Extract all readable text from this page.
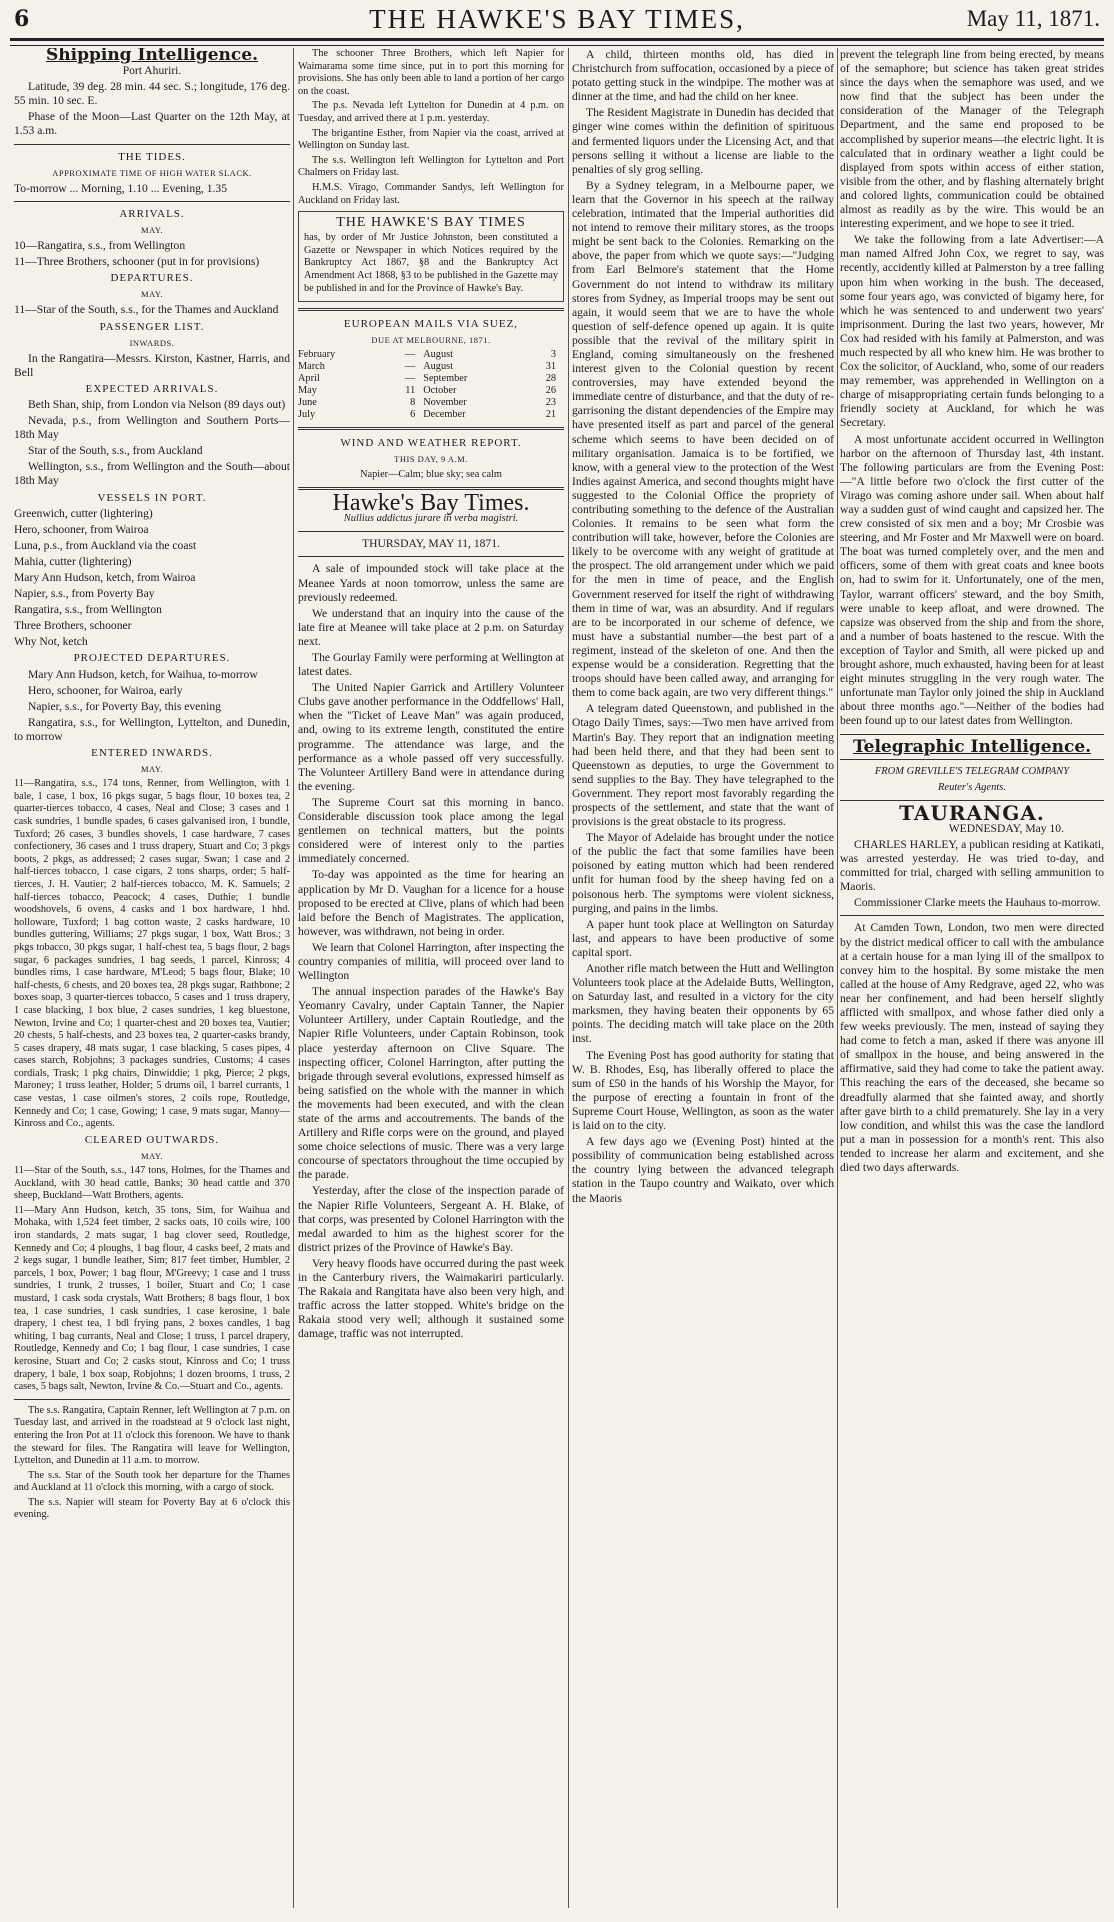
6	THE HAWKE'S BAY TIMES,	May 11, 1871.

Shipping Intelligence.

Port Ahuriri.

Latitude, 39 deg. 28 min. 44 sec. S.; longitude, 176 deg. 55 min. 10 sec. E.

Phase of the Moon—Last Quarter on the 12th May, at 1.53 a.m.

THE TIDES.

APPROXIMATE TIME OF HIGH WATER SLACK.

To-morrow ... Morning, 1.10 ... Evening, 1.35

ARRIVALS.

MAY.

10—Rangatira, s.s., from Wellington

11—Three Brothers, schooner (put in for provisions)

DEPARTURES.

MAY.

11—Star of the South, s.s., for the Thames and Auckland

PASSENGER LIST.

INWARDS.

In the Rangatira—Messrs. Kirston, Kastner, Harris, and Bell

EXPECTED ARRIVALS.

Beth Shan, ship, from London via Nelson (89 days out)

Nevada, p.s., from Wellington and Southern Ports—18th May

Star of the South, s.s., from Auckland

Wellington, s.s., from Wellington and the South—about 18th May

VESSELS IN PORT.

Greenwich, cutter (lightering)

Hero, schooner, from Wairoa

Luna, p.s., from Auckland via the coast

Mahia, cutter (lightering)

Mary Ann Hudson, ketch, from Wairoa

Napier, s.s., from Poverty Bay

Rangatira, s.s., from Wellington

Three Brothers, schooner

Why Not, ketch

PROJECTED DEPARTURES.

Mary Ann Hudson, ketch, for Waihua, to-morrow

Hero, schooner, for Wairoa, early

Napier, s.s., for Poverty Bay, this evening

Rangatira, s.s., for Wellington, Lyttelton, and Dunedin, to morrow

ENTERED INWARDS.

MAY.

11—Rangatira, s.s., 174 tons, Renner, from Wellington, with 1 bale, 1 case, 1 box, 16 pkgs sugar, 5 bags flour, 10 boxes tea, 2 quarter-tierces tobacco, 4 cases, Neal and Close; 3 cases and 1 cask sundries, 1 bundle spades, 6 cases galvanised iron, 1 bundle, Tuxford; 26 cases, 3 bundles shovels, 1 case hardware, 7 cases confectionery, 36 cases and 1 truss drapery, Stuart and Co; 3 pkgs boots, 2 pkgs, as addressed; 2 cases sugar, Swan; 1 case and 2 half-tierces tobacco, 1 case cigars, 2 tons sharps, order; 5 half-tierces, J. H. Vautier; 2 half-tierces tobacco, M. K. Samuels; 2 half-tierces tobacco, Peacock; 4 cases, Duthie; 1 bundle woodshovels, 6 ovens, 4 casks and 1 box hardware, 1 hhd. holloware, Tuxford; 1 bag cotton waste, 2 casks hardware, 10 bundles guttering, Williams; 27 pkgs sugar, 1 box, Watt Bros.; 3 pkgs tobacco, 30 pkgs sugar, 1 half-chest tea, 5 bags flour, 2 bags sugar, 6 packages sundries, 1 bag seeds, 1 parcel, Kinross; 4 bundles rims, 1 case hardware, M'Leod; 5 bags flour, Blake; 10 half-chests, 6 chests, and 20 boxes tea, 28 pkgs sugar, Rathbone; 2 boxes soap, 3 quarter-tierces tobacco, 5 cases and 1 truss drapery, 1 case blacking, 1 box blue, 2 cases sundries, 1 keg bluestone, Newton, Irvine and Co; 1 quarter-chest and 20 boxes tea, Vautier; 20 chests, 5 half-chests, and 23 boxes tea, 2 quarter-casks brandy, 5 cases drapery, 48 mats sugar, 1 case blacking, 5 cases pipes, 4 cases starch, Robjohns; 3 packages sundries, Customs; 4 cases cordials, Trask; 1 pkg chairs, Dinwiddie; 1 pkg, Pierce; 2 pkgs, Maroney; 1 truss leather, Holder; 5 drums oil, 1 barrel currants, 1 case vestas, 1 case oilmen's stores, 2 coils rope, Routledge, Kennedy and Co; 1 case, Gowing; 1 case, 9 mats sugar, Manoy—Kinross and Co., agents.

CLEARED OUTWARDS.

MAY.

11—Star of the South, s.s., 147 tons, Holmes, for the Thames and Auckland, with 30 head cattle, Banks; 30 head cattle and 370 sheep, Buckland—Watt Brothers, agents.

11—Mary Ann Hudson, ketch, 35 tons, Sim, for Waihua and Mohaka, with 1,524 feet timber, 2 sacks oats, 10 coils wire, 100 iron standards, 2 mats sugar, 1 bag clover seed, Routledge, Kennedy and Co; 4 ploughs, 1 bag flour, 4 casks beef, 2 mats and 2 kegs sugar, 1 bundle leather, Sim; 817 feet timber, Humbler, 2 parcels, 1 box, Power; 1 bag flour, M'Greevy; 1 case and 1 truss sundries, 1 trunk, 2 trusses, 1 boiler, Stuart and Co; 1 case mustard, 1 cask soda crystals, Watt Brothers; 8 bags flour, 1 box tea, 1 case sundries, 1 cask sundries, 1 case kerosine, 1 bale drapery, 1 chest tea, 1 bdl frying pans, 2 boxes candles, 1 bag whiting, 1 bag currants, Neal and Close; 1 truss, 1 parcel drapery, Routledge, Kennedy and Co; 1 bag flour, 1 case sundries, 1 case kerosine, Stuart and Co; 2 casks stout, Kinross and Co; 1 truss drapery, 1 bale, 1 box soap, Robjohns; 1 dozen brooms, 1 truss, 2 cases, 5 bags salt, Newton, Irvine & Co.—Stuart and Co., agents.

The s.s. Rangatira, Captain Renner, left Wellington at 7 p.m. on Tuesday last, and arrived in the roadstead at 9 o'clock last night, entering the Iron Pot at 11 o'clock this forenoon. We have to thank the steward for files. The Rangatira will leave for Wellington, Lyttelton, and Dunedin at 11 a.m. to morrow.

The s.s. Star of the South took her departure for the Thames and Auckland at 11 o'clock this morning, with a cargo of stock.

The s.s. Napier will steam for Poverty Bay at 6 o'clock this evening.

The schooner Three Brothers, which left Napier for Waimarama some time since, put in to port this morning for provisions. She has only been able to land a portion of her cargo on the coast.

The p.s. Nevada left Lyttelton for Dunedin at 4 p.m. on Tuesday, and arrived there at 1 p.m. yesterday.

The brigantine Esther, from Napier via the coast, arrived at Wellington on Sunday last.

The s.s. Wellington left Wellington for Lyttelton and Port Chalmers on Friday last.

H.M.S. Virago, Commander Sandys, left Wellington for Auckland on Friday last.

THE HAWKE'S BAY TIMES

has, by order of Mr Justice Johnston, been constituted a Gazette or Newspaper in which Notices required by the Bankruptcy Act 1867, §8 and the Bankruptcy Act Amendment Act 1868, §3 to be published in the Gazette may be published in and for the Province of Hawke's Bay.

EUROPEAN MAILS VIA SUEZ,

DUE AT MELBOURNE, 1871.

February	—	August	3
March	—	August	31
April	—	September	28
May	11	October	26
June	8	November	23
July	6	December	21

WIND AND WEATHER REPORT.

THIS DAY, 9 A.M.

Napier—Calm; blue sky; sea calm

Hawke's Bay Times.

Nullius addictus jurare in verba magistri.

THURSDAY, MAY 11, 1871.

A sale of impounded stock will take place at the Meanee Yards at noon tomorrow, unless the same are previously redeemed.

We understand that an inquiry into the cause of the late fire at Meanee will take place at 2 p.m. on Saturday next.

The Gourlay Family were performing at Wellington at latest dates.

The United Napier Garrick and Artillery Volunteer Clubs gave another performance in the Oddfellows' Hall, when the "Ticket of Leave Man" was again produced, and, owing to its extreme length, constituted the entire programme. The attendance was large, and the performance as a whole passed off very successfully. The Volunteer Artillery Band were in attendance during the evening.

The Supreme Court sat this morning in banco. Considerable discussion took place among the legal gentlemen on technical matters, but the points considered were of interest only to the parties immediately concerned.

To-day was appointed as the time for hearing an application by Mr D. Vaughan for a licence for a house proposed to be erected at Clive, plans of which had been laid before the Bench of Magistrates. The application, however, was withdrawn, not being in order.

We learn that Colonel Harrington, after inspecting the country companies of militia, will proceed over land to Wellington

The annual inspection parades of the Hawke's Bay Yeomanry Cavalry, under Captain Tanner, the Napier Volunteer Artillery, under Captain Routledge, and the Napier Rifle Volunteers, under Captain Robinson, took place yesterday afternoon on Clive Square. The inspecting officer, Colonel Harrington, after putting the brigade through several evolutions, expressed himself as being satisfied on the whole with the manner in which the movements had been executed, and with the clean state of the arms and accoutrements. The bands of the Artillery and Rifle corps were on the ground, and played some choice selections of music. There was a very large concourse of spectators throughout the time occupied by the parade.

Yesterday, after the close of the inspection parade of the Napier Rifle Volunteers, Sergeant A. H. Blake, of that corps, was presented by Colonel Harrington with the medal awarded to him as the highest scorer for the district prizes of the Province of Hawke's Bay.

Very heavy floods have occurred during the past week in the Canterbury rivers, the Waimakariri particularly. The Rakaia and Rangitata have also been very high, and traffic across the latter stopped. White's bridge on the Rakaia stood very well; although it sustained some damage, traffic was not interrupted.

A child, thirteen months old, has died in Christchurch from suffocation, occasioned by a piece of potato getting stuck in the windpipe. The mother was at dinner at the time, and had the child on her knee.

The Resident Magistrate in Dunedin has decided that ginger wine comes within the definition of spirituous and fermented liquors under the Licensing Act, and that persons selling it without a license are liable to the penalties of sly grog selling.

By a Sydney telegram, in a Melbourne paper, we learn that the Governor in his speech at the railway celebration, intimated that the Imperial authorities did not intend to remove their military stores, as the troops might be sent back to the Colonies. Remarking on the above, the paper from which we quote says:—"Judging from Earl Belmore's statement that the Home Government do not intend to withdraw its military stores from Sydney, as Imperial troops may be sent out again, it would seem that we are to have the whole question of self-defence opened up again. It is quite possible that the revival of the military spirit in England, coming simultaneously on the freshened interest given to the Colonial question by recent controversies, may have extended beyond the immediate centre of disturbance, and that the duty of re-garrisoning the distant dependencies of the Empire may have presented itself as part and parcel of the general scheme which seems to have been decided on of military organisation. Jamaica is to be fortified, we know, with a general view to the protection of the West Indies against America, and second thoughts might have suggested to the Colonial Office the propriety of contributing something to the defence of the Australian Colonies. It remains to be seen what form the contribution will take, however, before the Colonies are likely to be overcome with any weight of gratitude at the prospect. The old arrangement under which we paid for the men in time of peace, and the English Government reserved for itself the right of withdrawing them in time of war, was an absurdity. And if regulars are to be incorporated in our scheme of defence, we must have a substantial number—the best part of a regiment, instead of the skeleton of one. And then the expense would be a consideration. Regretting that the troops should have been called away, and arranging for them to come back again, are two very different things."

A telegram dated Queenstown, and published in the Otago Daily Times, says:—Two men have arrived from Martin's Bay. They report that an indignation meeting had been held there, and that they had been sent to Queenstown as deputies, to urge the Government to send supplies to the Bay. They have telegraphed to the Government. They report most favorably regarding the prospects of the settlement, and state that the want of provisions is the great obstacle to its progress.

The Mayor of Adelaide has brought under the notice of the public the fact that some families have been poisoned by eating mutton which had been rendered unfit for human food by the sheep having fed on a poisonous herb. The symptoms were violent sickness, purging, and pains in the limbs.

A paper hunt took place at Wellington on Saturday last, and appears to have been productive of some capital sport.

Another rifle match between the Hutt and Wellington Volunteers took place at the Adelaide Butts, Wellington, on Saturday last, and resulted in a victory for the city marksmen, they having beaten their opponents by 65 points. The deciding match will take place on the 20th inst.

The Evening Post has good authority for stating that W. B. Rhodes, Esq, has liberally offered to place the sum of £50 in the hands of his Worship the Mayor, for the purpose of erecting a fountain in front of the Supreme Court House, Wellington, as soon as the water is laid on to the city.

A few days ago we (Evening Post) hinted at the possibility of communication being established across the country lying between the advanced telegraph station in the Taupo country and Waikato, over which the Maoris

prevent the telegraph line from being erected, by means of the semaphore; but science has taken great strides since the days when the semaphore was used, and we now find that the subject has been under the consideration of the Manager of the Telegraph Department, and the same end proposed to be accomplished by superior means—the electric light. It is calculated that in ordinary weather a light could be displayed from spots within access of either station, visible from the other, and by flashing alternately bright and colored lights, communication could be obtained almost as readily as by the wire. This would be an interesting experiment, and we hope to see it tried.

We take the following from a late Advertiser:—A man named Alfred John Cox, we regret to say, was recently, accidently killed at Palmerston by a tree falling upon him when working in the bush. The deceased, some four years ago, was convicted of bigamy here, for which he was sentenced to and underwent two years' imprisonment. During the last two years, however, Mr Cox had resided with his family at Palmerston, and was much respected by all who knew him. He was brother to Cox the solicitor, of Auckland, who, some of our readers may remember, was apprehended in Wellington on a charge of misappropriating certain funds belonging to a friendly society at Auckland, for which he was Secretary.

A most unfortunate accident occurred in Wellington harbor on the afternoon of Thursday last, 4th instant. The following particulars are from the Evening Post:—"A little before two o'clock the first cutter of the Virago was coming ashore under sail. When about half way a sudden gust of wind caught and capsized her. The crew consisted of six men and a boy; Mr Crosbie was steering, and Mr Foster and Mr Maxwell were on board. The boat was turned completely over, and the men and officers, some of them with great coats and knee boots on, had to swim for it. Unfortunately, one of the men, Taylor, warrant officers' steward, and the boy Smith, were unable to keep afloat, and were drowned. The capsize was observed from the ship and from the shore, and a number of boats hastened to the rescue. With the exception of Taylor and Smith, all were picked up and brought ashore, much exhausted, having been for at least eight minutes struggling in the very rough water. The unfortunate man Taylor only joined the ship in Auckland about three months ago."—Neither of the bodies had been found up to our latest dates from Wellington.

Telegraphic Intelligence.

FROM GREVILLE'S TELEGRAM COMPANY

Reuter's Agents.

TAURANGA.

WEDNESDAY, May 10.

CHARLES HARLEY, a publican residing at Katikati, was arrested yesterday. He was tried to-day, and committed for trial, charged with selling ammunition to Maoris.

Commissioner Clarke meets the Hauhaus to-morrow.

At Camden Town, London, two men were directed by the district medical officer to call with the ambulance at a certain house for a man lying ill of the smallpox to convey him to the hospital. By some mistake the men called at the house of Amy Redgrave, aged 22, who was near her confinement, and had been herself slightly afflicted with smallpox, and whose father died only a few weeks previously. The men, instead of saying they had come to fetch a man, asked if there was anyone ill of smallpox in the house, and being answered in the affirmative, said they had come to take the patient away. This reaching the ears of the deceased, she became so dreadfully alarmed that she fainted away, and shortly after gave birth to a child prematurely. She lay in a very low condition, and whilst this was the case the landlord put a man in possession for a month's rent. This also tended to increase her alarm and excitement, and she died two days afterwards.
